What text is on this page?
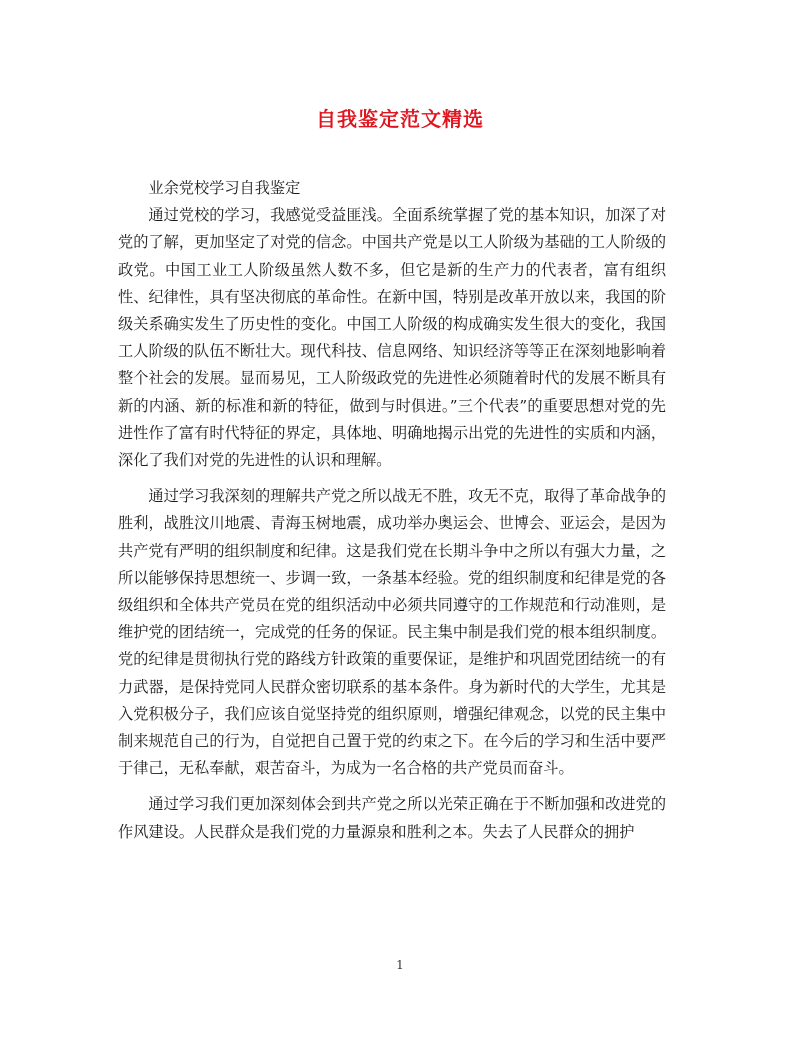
自我鉴定范文精选

业余党校学习自我鉴定

通过党校的学习，我感觉受益匪浅。全面系统掌握了党的基本知识，加深了对党的了解，更加坚定了对党的信念。中国共产党是以工人阶级为基础的工人阶级的政党。中国工业工人阶级虽然人数不多，但它是新的生产力的代表者，富有组织性、纪律性，具有坚决彻底的革命性。在新中国，特别是改革开放以来，我国的阶级关系确实发生了历史性的变化。中国工人阶级的构成确实发生很大的变化，我国工人阶级的队伍不断壮大。现代科技、信息网络、知识经济等等正在深刻地影响着整个社会的发展。显而易见，工人阶级政党的先进性必须随着时代的发展不断具有新的内涵、新的标准和新的特征，做到与时俱进。”三个代表”的重要思想对党的先进性作了富有时代特征的界定，具体地、明确地揭示出党的先进性的实质和内涵，深化了我们对党的先进性的认识和理解。

通过学习我深刻的理解共产党之所以战无不胜，攻无不克，取得了革命战争的胜利，战胜汶川地震、青海玉树地震，成功举办奥运会、世博会、亚运会，是因为共产党有严明的组织制度和纪律。这是我们党在长期斗争中之所以有强大力量，之所以能够保持思想统一、步调一致，一条基本经验。党的组织制度和纪律是党的各级组织和全体共产党员在党的组织活动中必须共同遵守的工作规范和行动准则，是维护党的团结统一，完成党的任务的保证。民主集中制是我们党的根本组织制度。党的纪律是贯彻执行党的路线方针政策的重要保证，是维护和巩固党团结统一的有力武器，是保持党同人民群众密切联系的基本条件。身为新时代的大学生，尤其是入党积极分子，我们应该自觉坚持党的组织原则，增强纪律观念，以党的民主集中制来规范自己的行为，自觉把自己置于党的约束之下。在今后的学习和生活中要严于律己，无私奉献，艰苦奋斗，为成为一名合格的共产党员而奋斗。

通过学习我们更加深刻体会到共产党之所以光荣正确在于不断加强和改进党的作风建设。人民群众是我们党的力量源泉和胜利之本。失去了人民群众的拥护

1
